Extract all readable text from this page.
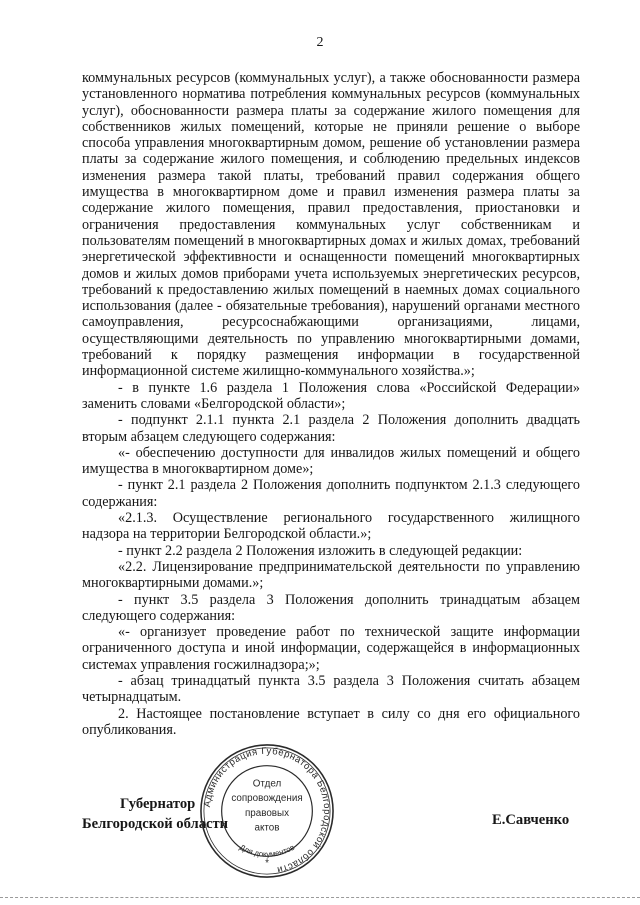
2

коммунальных ресурсов (коммунальных услуг), а также обоснованности размера установленного норматива потребления коммунальных ресурсов (коммунальных услуг), обоснованности размера платы за содержание жилого помещения для собственников жилых помещений, которые не приняли решение о выборе способа управления многоквартирным домом, решение об установлении размера платы за содержание жилого помещения, и соблюдению предельных индексов изменения размера такой платы, требований правил содержания общего имущества в многоквартирном доме и правил изменения размера платы за содержание жилого помещения, правил предоставления, приостановки и ограничения предоставления коммунальных услуг собственникам и пользователям помещений в многоквартирных домах и жилых домах, требований энергетической эффективности и оснащенности помещений многоквартирных домов и жилых домов приборами учета используемых энергетических ресурсов, требований к предоставлению жилых помещений в наемных домах социального использования (далее - обязательные требования), нарушений органами местного самоуправления, ресурсоснабжающими организациями, лицами, осуществляющими деятельность по управлению многоквартирными домами, требований к порядку размещения информации в государственной информационной системе жилищно-коммунального хозяйства.»;

- в пункте 1.6 раздела 1 Положения слова «Российской Федерации» заменить словами «Белгородской области»;

- подпункт 2.1.1 пункта 2.1 раздела 2 Положения дополнить двадцать вторым абзацем следующего содержания:

«- обеспечению доступности для инвалидов жилых помещений и общего имущества в многоквартирном доме»;

- пункт 2.1 раздела 2 Положения дополнить подпунктом 2.1.3 следующего содержания:

«2.1.3. Осуществление регионального государственного жилищного надзора на территории Белгородской области.»;

- пункт 2.2 раздела 2 Положения изложить в следующей редакции:

«2.2. Лицензирование предпринимательской деятельности по управлению многоквартирными домами.»;

- пункт 3.5 раздела 3 Положения дополнить тринадцатым абзацем следующего содержания:

«- организует проведение работ по технической защите информации ограниченного доступа и иной информации, содержащейся в информационных системах управления госжилнадзора;»;

- абзац тринадцатый пункта 3.5 раздела 3 Положения считать абзацем четырнадцатым.

2. Настоящее постановление вступает в силу со дня его официального опубликования.

Губернатор
Белгородской области	Е.Савченко
Администрация Губернатора Белгородской области
Отдел
сопровождения
правовых
актов
Для документов
*
